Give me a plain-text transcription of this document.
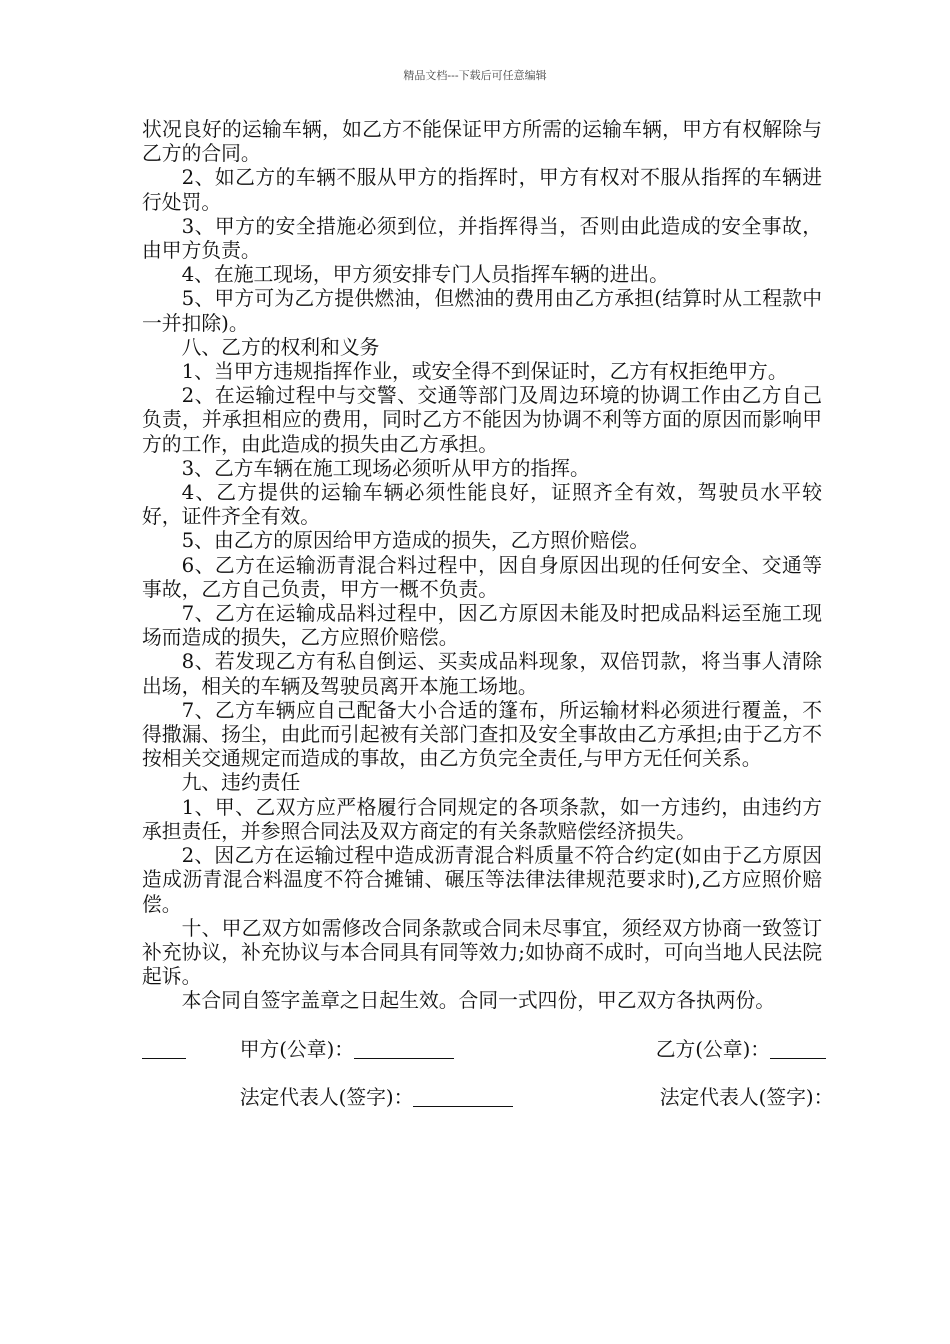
精品文档---下载后可任意编辑

状况良好的运输车辆，如乙方不能保证甲方所需的运输车辆，甲方有权解除与乙方的合同。

2、如乙方的车辆不服从甲方的指挥时，甲方有权对不服从指挥的车辆进行处罚。

3、甲方的安全措施必须到位，并指挥得当，否则由此造成的安全事故，由甲方负责。

4、在施工现场，甲方须安排专门人员指挥车辆的进出。

5、甲方可为乙方提供燃油，但燃油的费用由乙方承担(结算时从工程款中一并扣除)。

八、乙方的权利和义务

1、当甲方违规指挥作业，或安全得不到保证时，乙方有权拒绝甲方。

2、在运输过程中与交警、交通等部门及周边环境的协调工作由乙方自己负责，并承担相应的费用，同时乙方不能因为协调不利等方面的原因而影响甲方的工作，由此造成的损失由乙方承担。

3、乙方车辆在施工现场必须听从甲方的指挥。

4、乙方提供的运输车辆必须性能良好，证照齐全有效，驾驶员水平较好，证件齐全有效。

5、由乙方的原因给甲方造成的损失，乙方照价赔偿。

6、乙方在运输沥青混合料过程中，因自身原因出现的任何安全、交通等事故，乙方自己负责，甲方一概不负责。

7、乙方在运输成品料过程中，因乙方原因未能及时把成品料运至施工现场而造成的损失，乙方应照价赔偿。

8、若发现乙方有私自倒运、买卖成品料现象，双倍罚款，将当事人清除出场，相关的车辆及驾驶员离开本施工场地。

7、乙方车辆应自己配备大小合适的篷布，所运输材料必须进行覆盖，不得撒漏、扬尘，由此而引起被有关部门查扣及安全事故由乙方承担;由于乙方不按相关交通规定而造成的事故，由乙方负完全责任,与甲方无任何关系。

九、违约责任

1、甲、乙双方应严格履行合同规定的各项条款，如一方违约，由违约方承担责任，并参照合同法及双方商定的有关条款赔偿经济损失。

2、因乙方在运输过程中造成沥青混合料质量不符合约定(如由于乙方原因造成沥青混合料温度不符合摊铺、碾压等法律法律规范要求时),乙方应照价赔偿。

十、甲乙双方如需修改合同条款或合同未尽事宜，须经双方协商一致签订补充协议，补充协议与本合同具有同等效力;如协商不成时，可向当地人民法院起诉。

本合同自签字盖章之日起生效。合同一式四份，甲乙双方各执两份。

甲方(公章)：
	乙方(公章)：

法定代表人(签字)：
	法定代表人(签字)：
